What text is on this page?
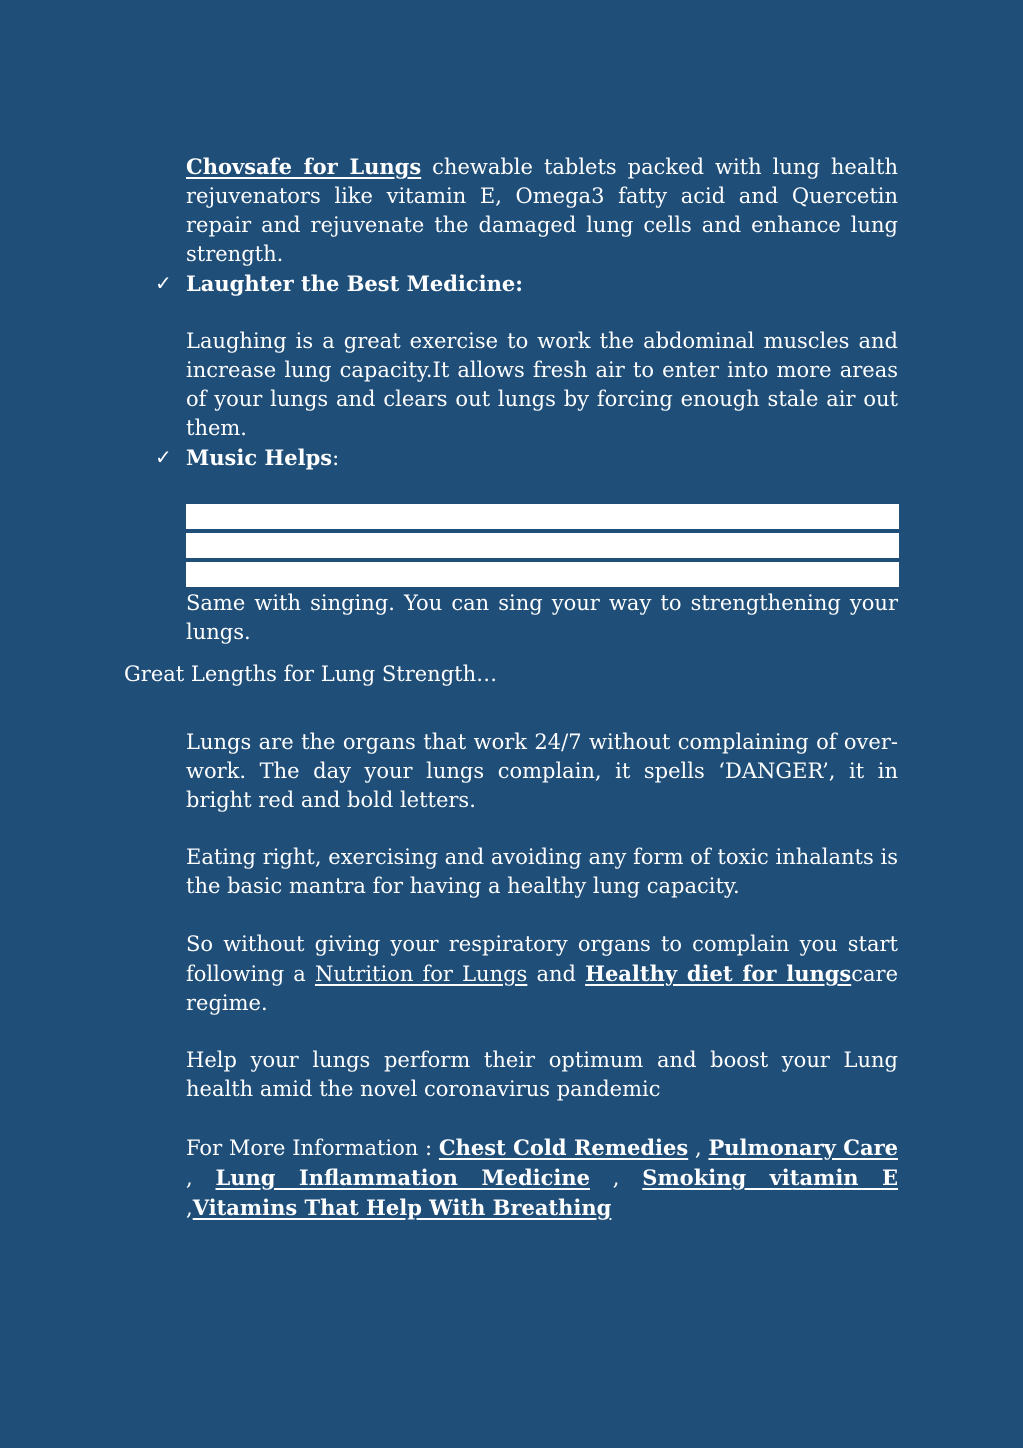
Chovsafe for Lungs chewable tablets packed with lung health rejuvenators like vitamin E, Omega3 fatty acid and Quercetin repair and rejuvenate the damaged lung cells and enhance lung strength.

✓ Laughter the Best Medicine:

Laughing is a great exercise to work the abdominal muscles and increase lung capacity.It allows fresh air to enter into more areas of your lungs and clears out lungs by forcing enough stale air out them.

✓ Music Helps:

Same with singing. You can sing your way to strengthening your lungs.

Great Lengths for Lung Strength…

Lungs are the organs that work 24/7 without complaining of over-work. The day your lungs complain, it spells ‘DANGER’, it in bright red and bold letters.

Eating right, exercising and avoiding any form of toxic inhalants is the basic mantra for having a healthy lung capacity.

So without giving your respiratory organs to complain you start following a Nutrition for Lungs and Healthy diet for lungscare regime.

Help your lungs perform their optimum and boost your Lung health amid the novel coronavirus pandemic

For More Information : Chest Cold Remedies , Pulmonary Care , Lung Inflammation Medicine , Smoking vitamin E ,Vitamins That Help With Breathing
